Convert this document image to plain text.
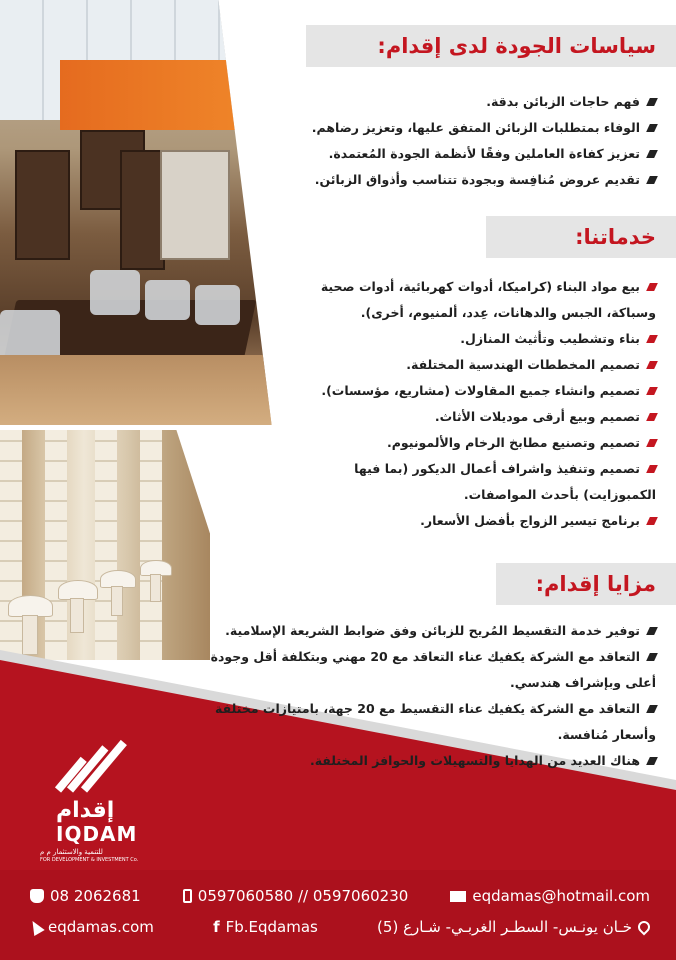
سياسات الجودة لدى إقدام:
فهم حاجات الزبائن بدقة.
الوفاء بمتطلبات الزبائن المتفق عليها، وتعزيز رضاهم.
تعزيز كفاءة العاملين وفقًا لأنظمة الجودة المُعتمدة.
تقديم عروض مُنافِسة وبجودة تتناسب وأذواق الزبائن.
خدماتنا:
بيع مواد البناء (كراميكا، أدوات كهربائية، أدوات صحية
وسباكة، الجبس والدهانات، عِدد، ألمنيوم، أخرى).
بناء وتشطيب وتأثيث المنازل.
تصميم المخططات الهندسية المختلفة.
تصميم وانشاء جميع المقاولات (مشاريع، مؤسسات).
تصميم وبيع أرقى موديلات الأثاث.
تصميم وتصنيع مطابخ الرخام والألمونيوم.
تصميم وتنفيذ واشراف أعمال الديكور (بما فيها
الكمبوزايت) بأحدث المواصفات.
برنامج تيسير الزواج بأفضل الأسعار.
مزايا إقدام:
توفير خدمة التقسيط المُريح للزبائن وفق ضوابط الشريعة الإسلامية.
التعاقد مع الشركة يكفيك عناء التعاقد مع 20 مهني وبتكلفة أقل وجودة
أعلى وبإشراف هندسي.
التعاقد مع الشركة يكفيك عناء التقسيط مع 20 جهة، بامتيازات مختلفة
وأسعار مُنافسة.
هناك العديد من الهدايا والتسهيلات والحوافز المختلفة.
إقدام
IQDAM
للتنمية والاستثمار م م
FOR DEVELOPMENT & INVESTMENT Co.
08 2062681	0597060580 // 0597060230	eqdamas@hotmail.com
eqdamas.com	f Fb.Eqdamas	خـان يونـس- السطـر الغربـي- شـارع (5)
